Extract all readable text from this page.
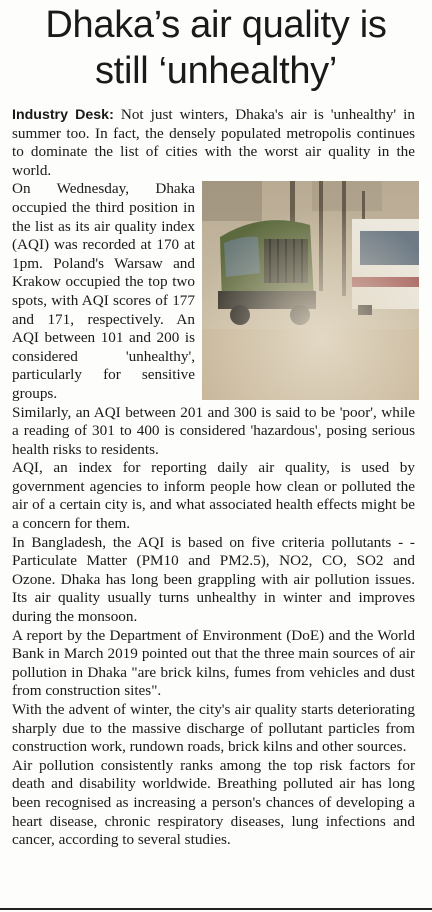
Dhaka’s air quality is
still ‘unhealthy’

Industry Desk: Not just winters, Dhaka's air is 'unhealthy' in summer too. In fact, the densely populated metropolis continues to dominate the list of cities with the worst air quality in the world.

On Wednesday, Dhaka occupied the third position in the list as its air quality index (AQI) was recorded at 170 at 1pm. Poland's Warsaw and Krakow occupied the top two spots, with AQI scores of 177 and 171, respectively. An AQI between 101 and 200 is considered 'unhealthy', particularly for sensitive groups.

Similarly, an AQI between 201 and 300 is said to be 'poor', while a reading of 301 to 400 is considered 'hazardous', posing serious health risks to residents.

AQI, an index for reporting daily air quality, is used by government agencies to inform people how clean or polluted the air of a certain city is, and what associated health effects might be a concern for them.

In Bangladesh, the AQI is based on five criteria pollutants - - Particulate Matter (PM10 and PM2.5), NO2, CO, SO2 and Ozone. Dhaka has long been grappling with air pollution issues. Its air quality usually turns unhealthy in winter and improves during the monsoon.

A report by the Department of Environment (DoE) and the World Bank in March 2019 pointed out that the three main sources of air pollution in Dhaka "are brick kilns, fumes from vehicles and dust from construction sites".

With the advent of winter, the city's air quality starts deteriorating sharply due to the massive discharge of pollutant particles from construction work, rundown roads, brick kilns and other sources.

Air pollution consistently ranks among the top risk factors for death and disability worldwide. Breathing polluted air has long been recognised as increasing a person's chances of developing a heart disease, chronic respiratory diseases, lung infections and cancer, according to several studies.
